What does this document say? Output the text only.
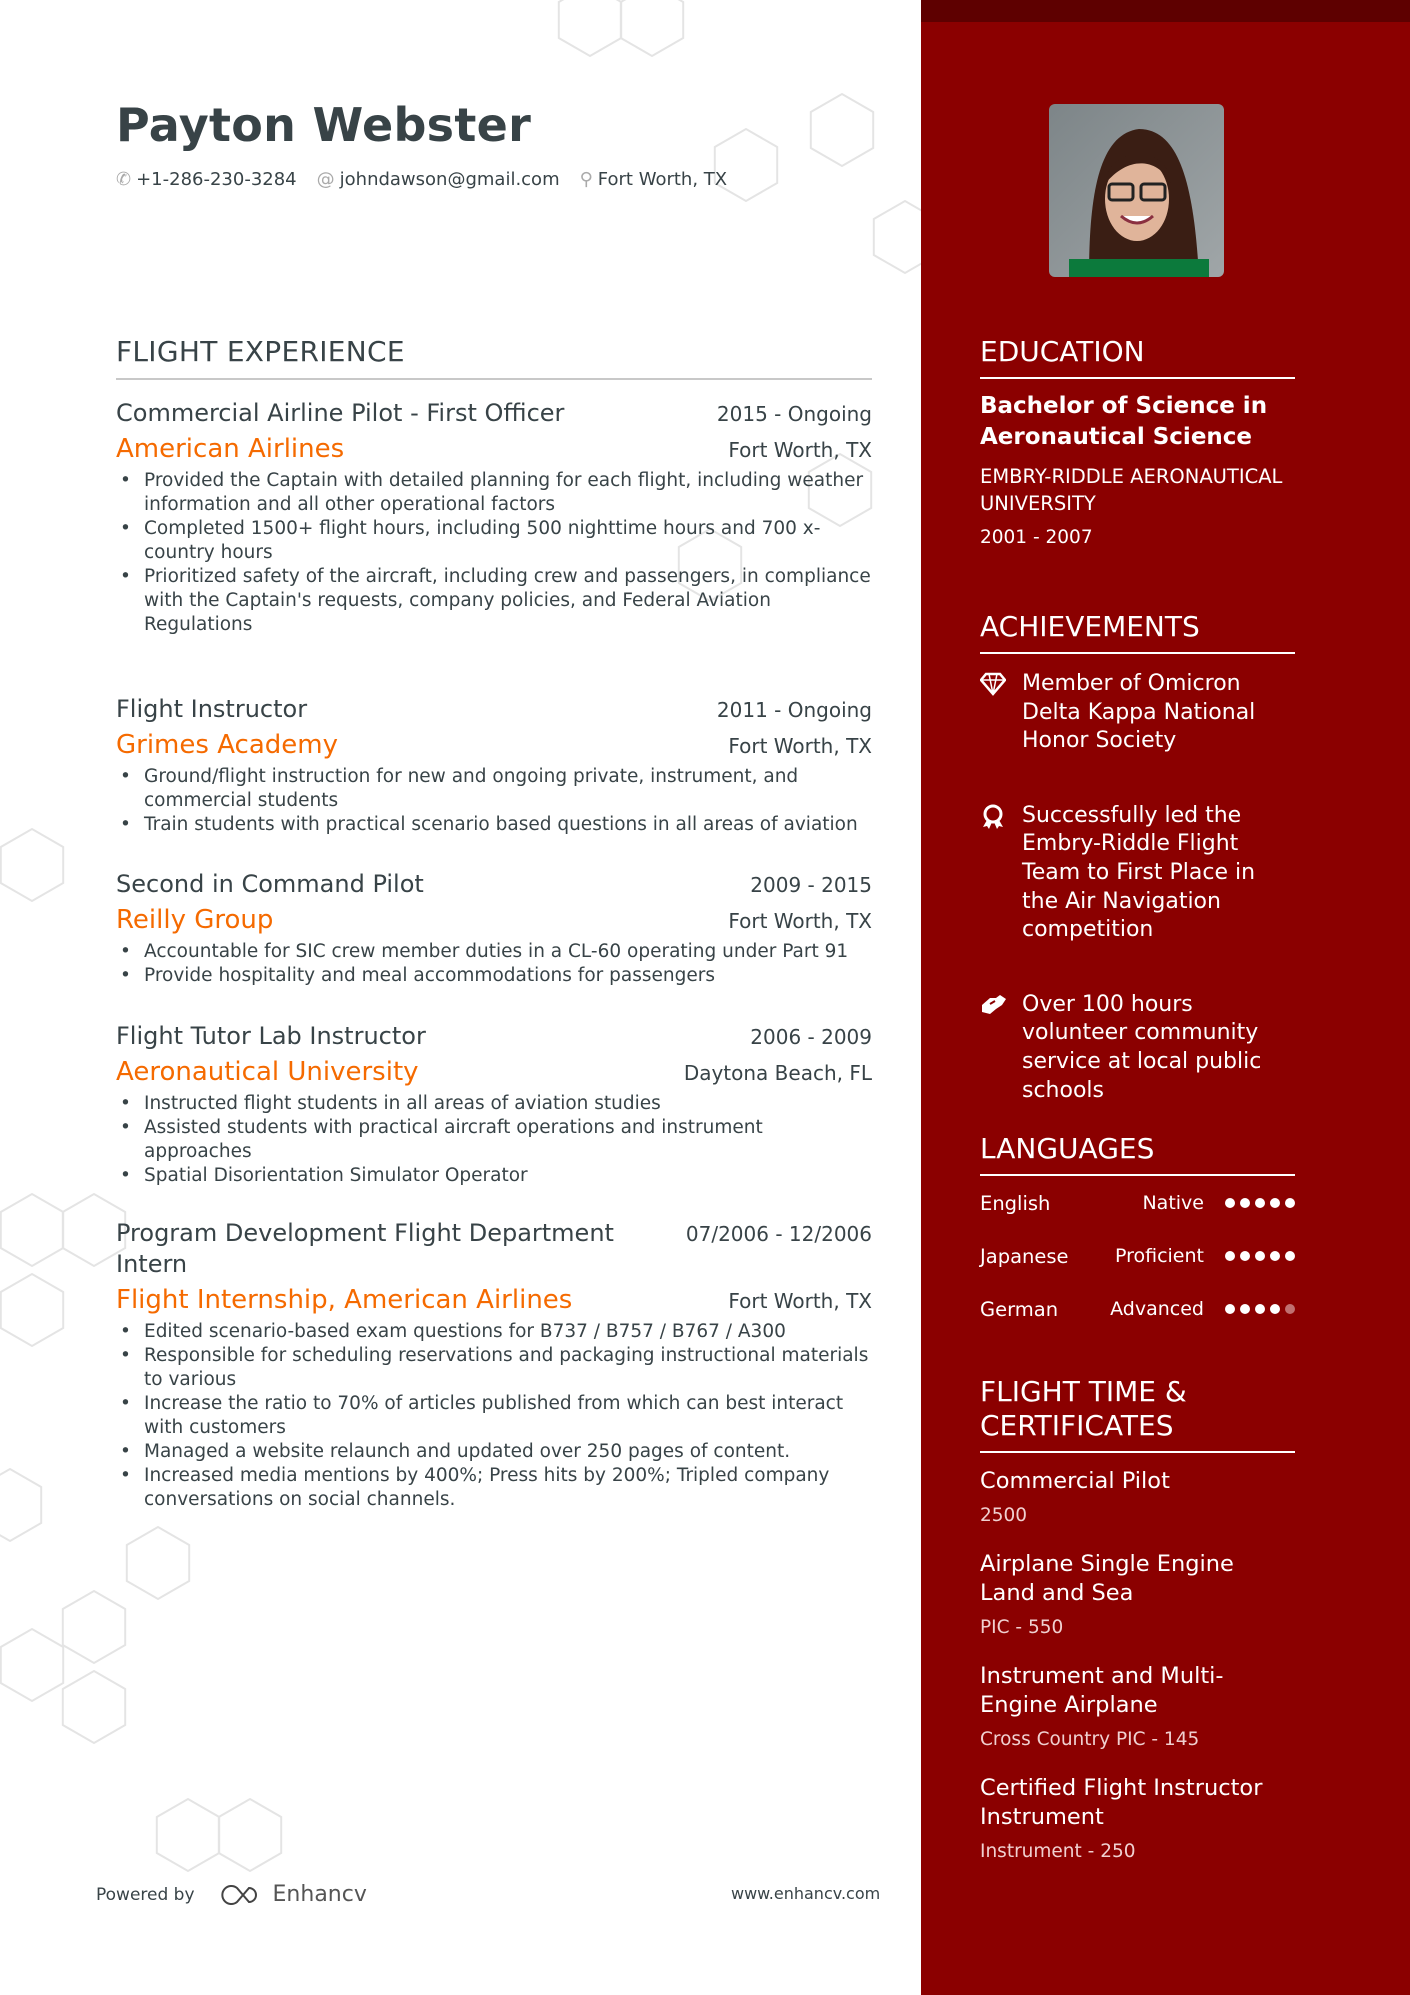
Payton Webster
✆ +1-286-230-3284 @ johndawson@gmail.com ⚲ Fort Worth, TX
FLIGHT EXPERIENCE
Commercial Airline Pilot - First Officer	2015 - Ongoing
American Airlines	Fort Worth, TX
• Provided the Captain with detailed planning for each flight, including weather information and all other operational factors
• Completed 1500+ flight hours, including 500 nighttime hours and 700 x-country hours
• Prioritized safety of the aircraft, including crew and passengers, in compliance with the Captain's requests, company policies, and Federal Aviation Regulations
Flight Instructor	2011 - Ongoing
Grimes Academy	Fort Worth, TX
• Ground/flight instruction for new and ongoing private, instrument, and commercial students
• Train students with practical scenario based questions in all areas of aviation
Second in Command Pilot	2009 - 2015
Reilly Group	Fort Worth, TX
• Accountable for SIC crew member duties in a CL-60 operating under Part 91
• Provide hospitality and meal accommodations for passengers
Flight Tutor Lab Instructor	2006 - 2009
Aeronautical University	Daytona Beach, FL
• Instructed flight students in all areas of aviation studies
• Assisted students with practical aircraft operations and instrument approaches
• Spatial Disorientation Simulator Operator
Program Development Flight Department Intern
07/2006 - 12/2006
Flight Internship, American Airlines	Fort Worth, TX
• Edited scenario-based exam questions for B737 / B757 / B767 / A300
• Responsible for scheduling reservations and packaging instructional materials to various
• Increase the ratio to 70% of articles published from which can best interact with customers
• Managed a website relaunch and updated over 250 pages of content.
• Increased media mentions by 400%; Press hits by 200%; Tripled company conversations on social channels.
Powered by	Enhancv	www.enhancv.com
EDUCATION
Bachelor of Science in Aeronautical Science
EMBRY-RIDDLE AERONAUTICAL UNIVERSITY
2001 - 2007
ACHIEVEMENTS
Member of Omicron Delta Kappa National Honor Society
Successfully led the Embry-Riddle Flight Team to First Place in the Air Navigation competition
Over 100 hours volunteer community service at local public schools
LANGUAGES
English	Native
Japanese	Proficient
German	Advanced
FLIGHT TIME & CERTIFICATES
Commercial Pilot
2500
Airplane Single Engine Land and Sea
PIC - 550
Instrument and Multi-Engine Airplane
Cross Country PIC - 145
Certified Flight Instructor Instrument
Instrument - 250
